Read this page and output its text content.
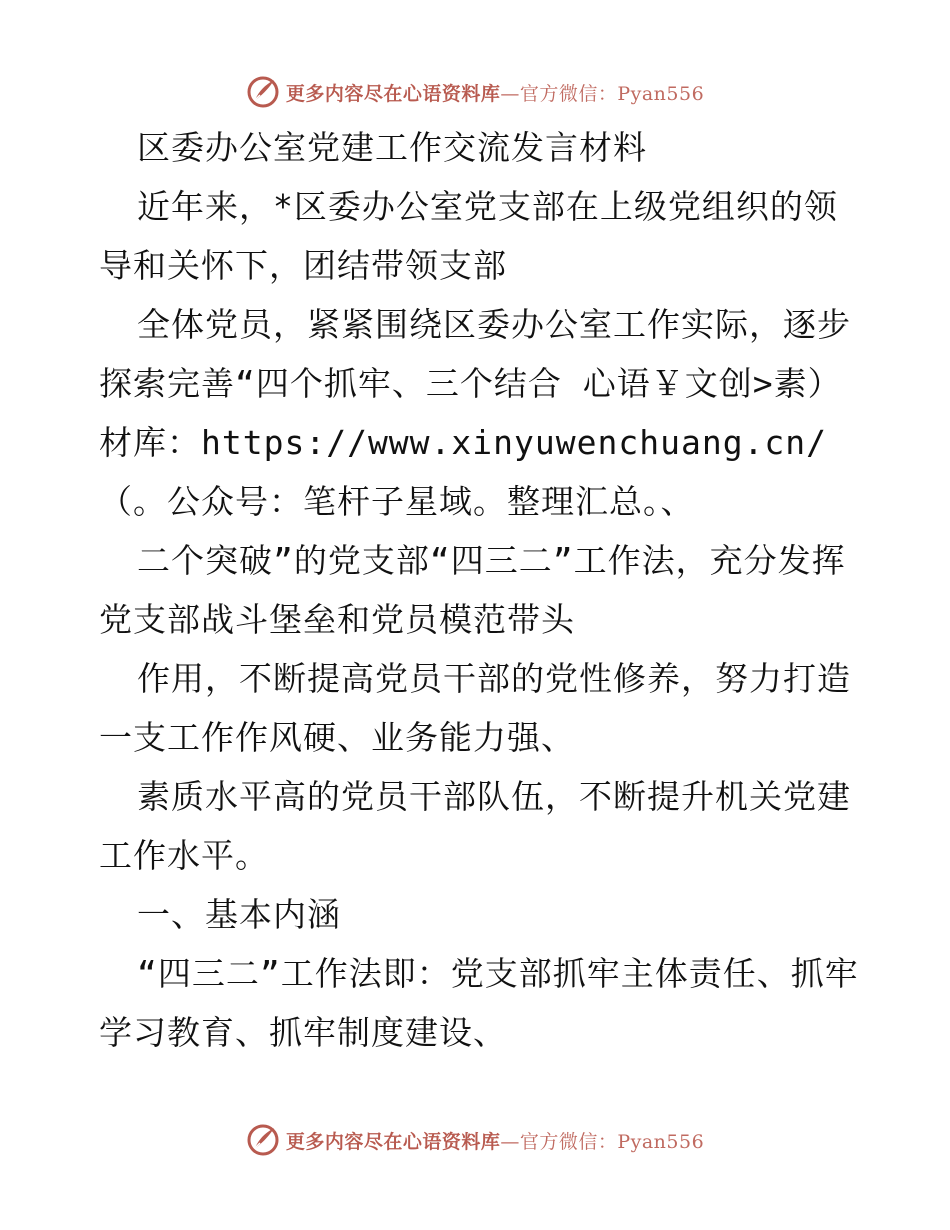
更多内容尽在心语资料库—官方微信：Pyan556

区委办公室党建工作交流发言材料

近年来，*区委办公室党支部在上级党组织的领导和关怀下，团结带领支部

全体党员，紧紧围绕区委办公室工作实际，逐步探索完善“四个抓牢、三个结合 心语￥文创>素）材库：https://www.xinyuwenchuang.cn/（。公众号：笔杆子星域。整理汇总。、

二个突破”的党支部“四三二”工作法，充分发挥党支部战斗堡垒和党员模范带头

作用，不断提高党员干部的党性修养，努力打造一支工作作风硬、业务能力强、

素质水平高的党员干部队伍，不断提升机关党建工作水平。

一、基本内涵

“四三二”工作法即：党支部抓牢主体责任、抓牢学习教育、抓牢制度建设、

更多内容尽在心语资料库—官方微信：Pyan556
